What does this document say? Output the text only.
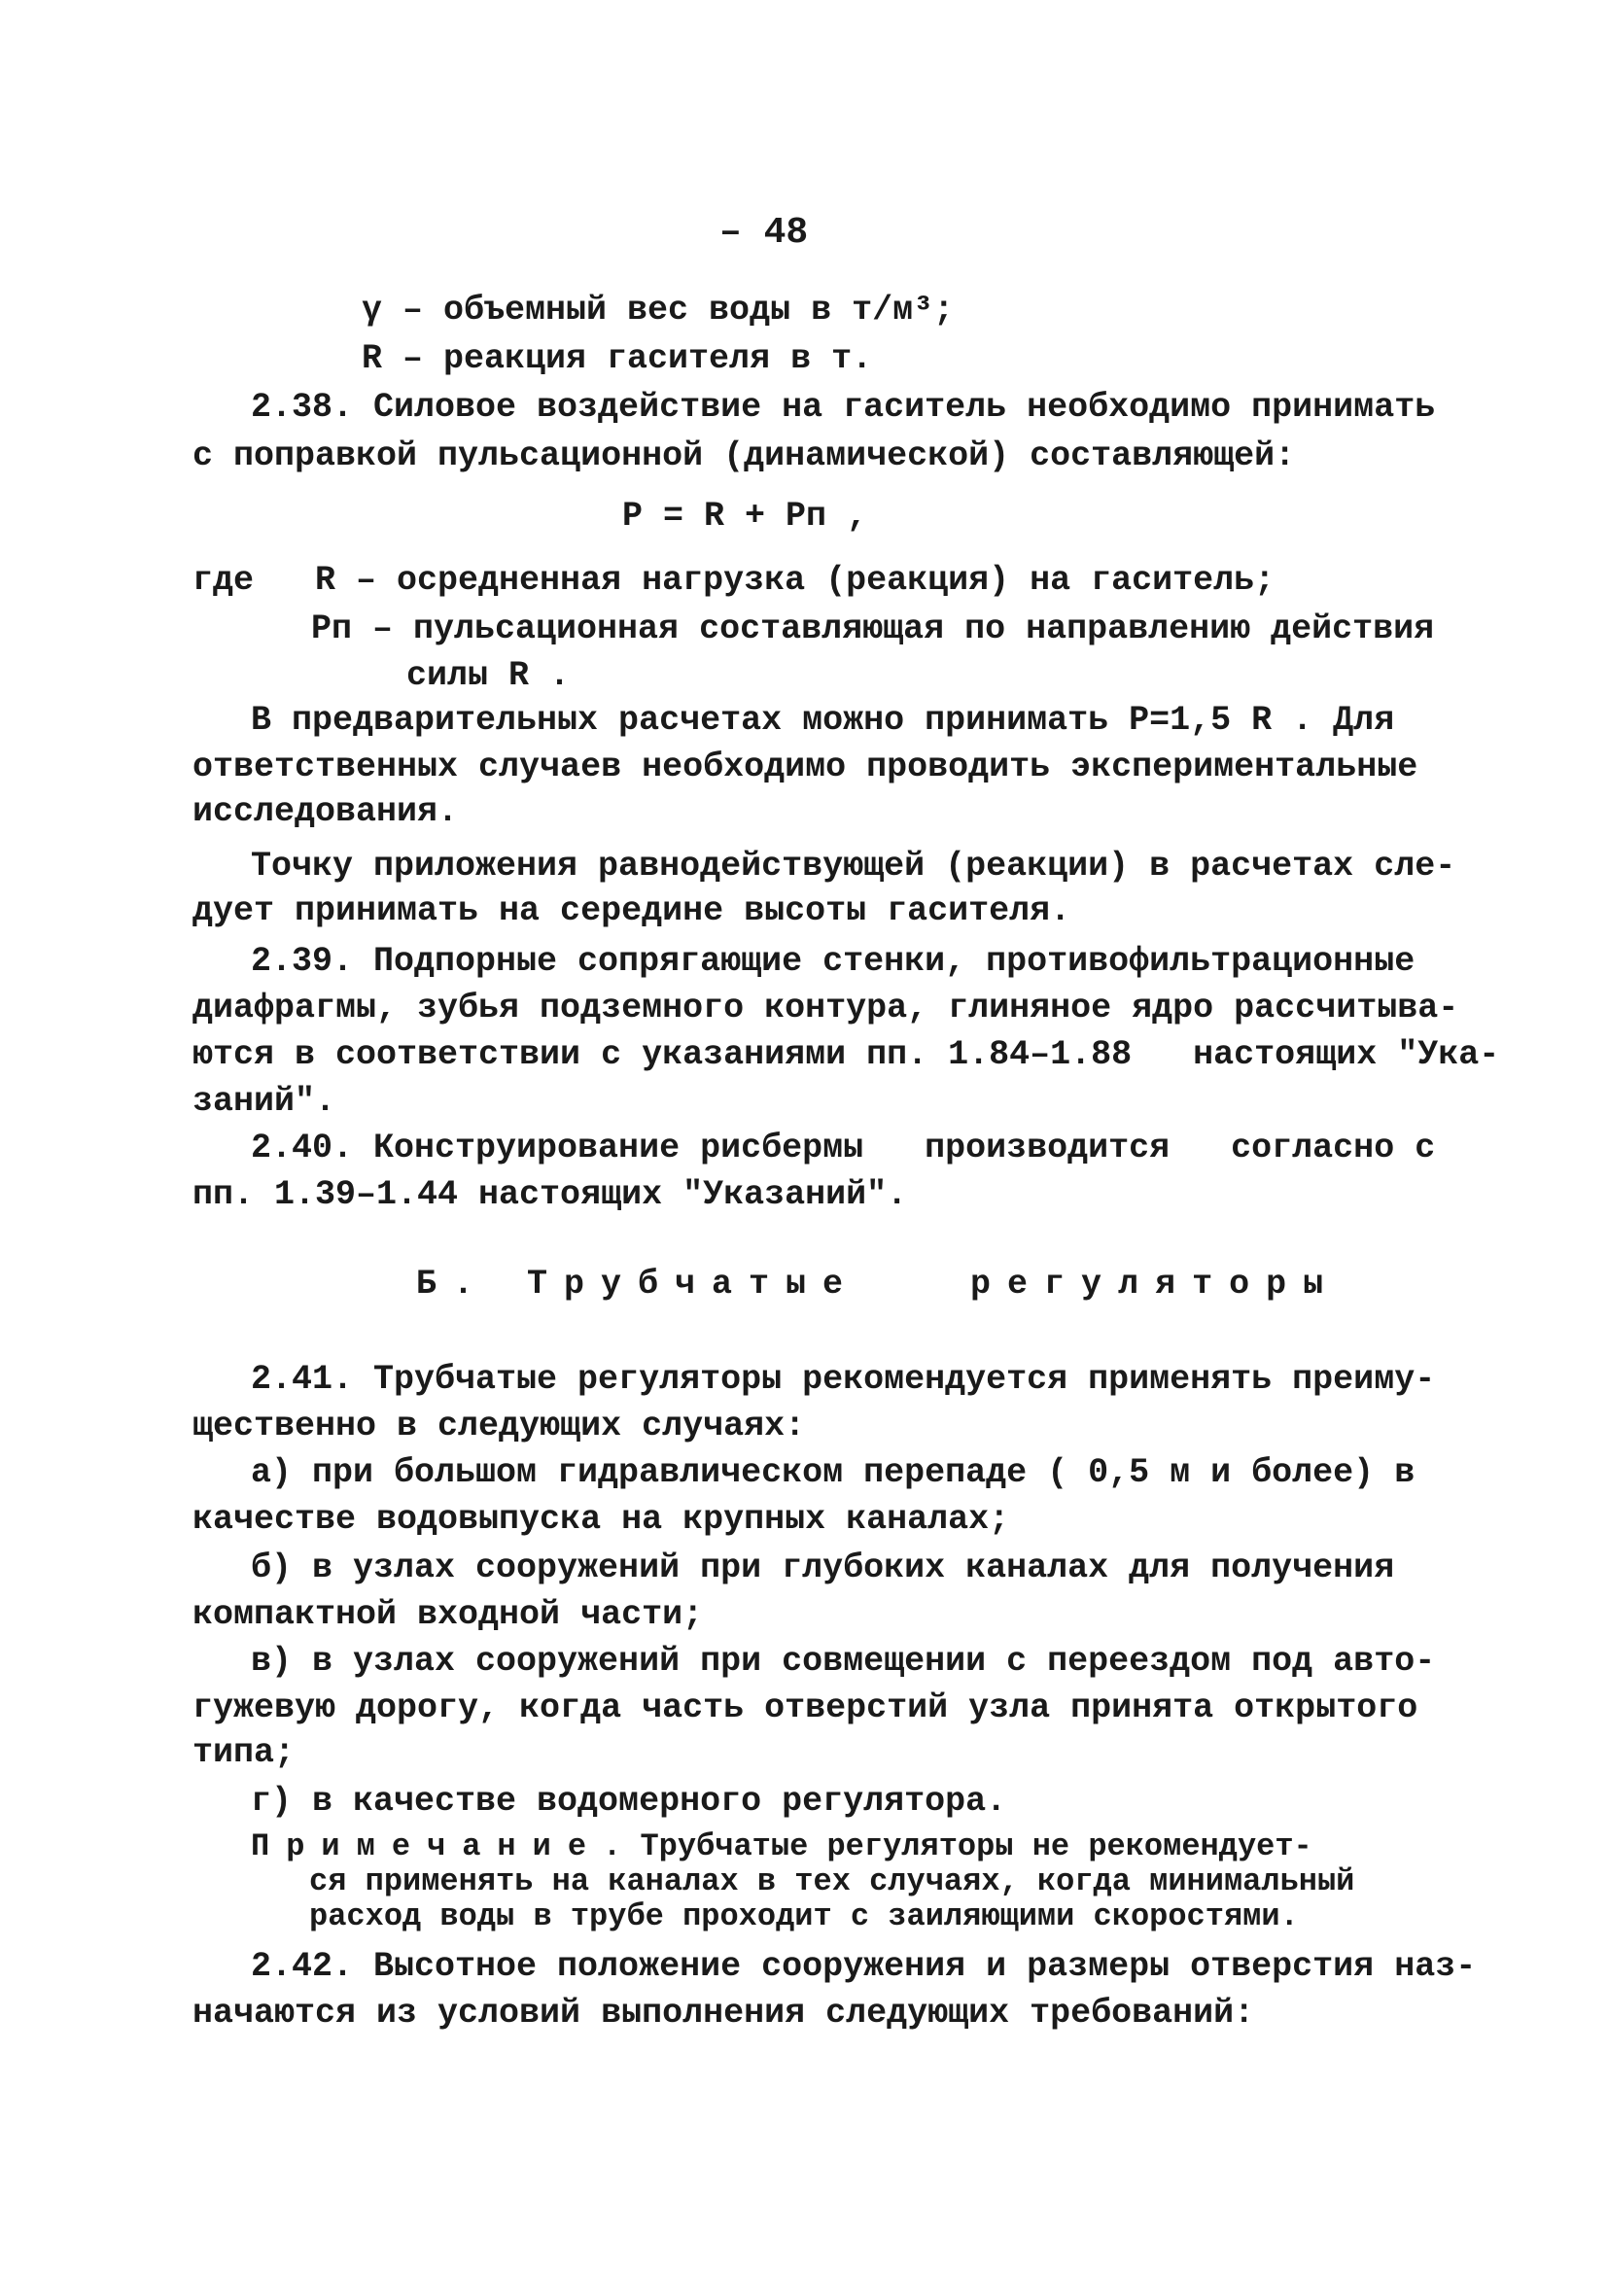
– 48
γ – объемный вес воды в т/м³;
R – реакция гасителя в т.
2.38. Силовое воздействие на гаситель необходимо принимать
с поправкой пульсационной (динамической) составляющей:
P = R + Pп ,
где   R – осредненная нагрузка (реакция) на гаситель;
Pп – пульсационная составляющая по направлению действия
силы R .
В предварительных расчетах можно принимать P=1,5 R . Для
ответственных случаев необходимо проводить экспериментальные
исследования.
Точку приложения равнодействующей (реакции) в расчетах сле-
дует принимать на середине высоты гасителя.
2.39. Подпорные сопрягающие стенки, противофильтрационные
диафрагмы, зубья подземного контура, глиняное ядро рассчитыва-
ются в соответствии с указаниями пп. 1.84–1.88   настоящих "Ука-
заний".
2.40. Конструирование рисбермы   производится   согласно с
пп. 1.39–1.44 настоящих "Указаний".
Б. Трубчатые   регуляторы
2.41. Трубчатые регуляторы рекомендуется применять преиму-
щественно в следующих случаях:
а) при большом гидравлическом перепаде ( 0,5 м и более) в
качестве водовыпуска на крупных каналах;
б) в узлах сооружений при глубоких каналах для получения
компактной входной части;
в) в узлах сооружений при совмещении с переездом под авто-
гужевую дорогу, когда часть отверстий узла принята открытого
типа;
г) в качестве водомерного регулятора.
Примечание. Трубчатые регуляторы не рекомендует-
ся применять на каналах в тех случаях, когда минимальный
расход воды в трубе проходит с заиляющими скоростями.
2.42. Высотное положение сооружения и размеры отверстия наз-
начаются из условий выполнения следующих требований:
